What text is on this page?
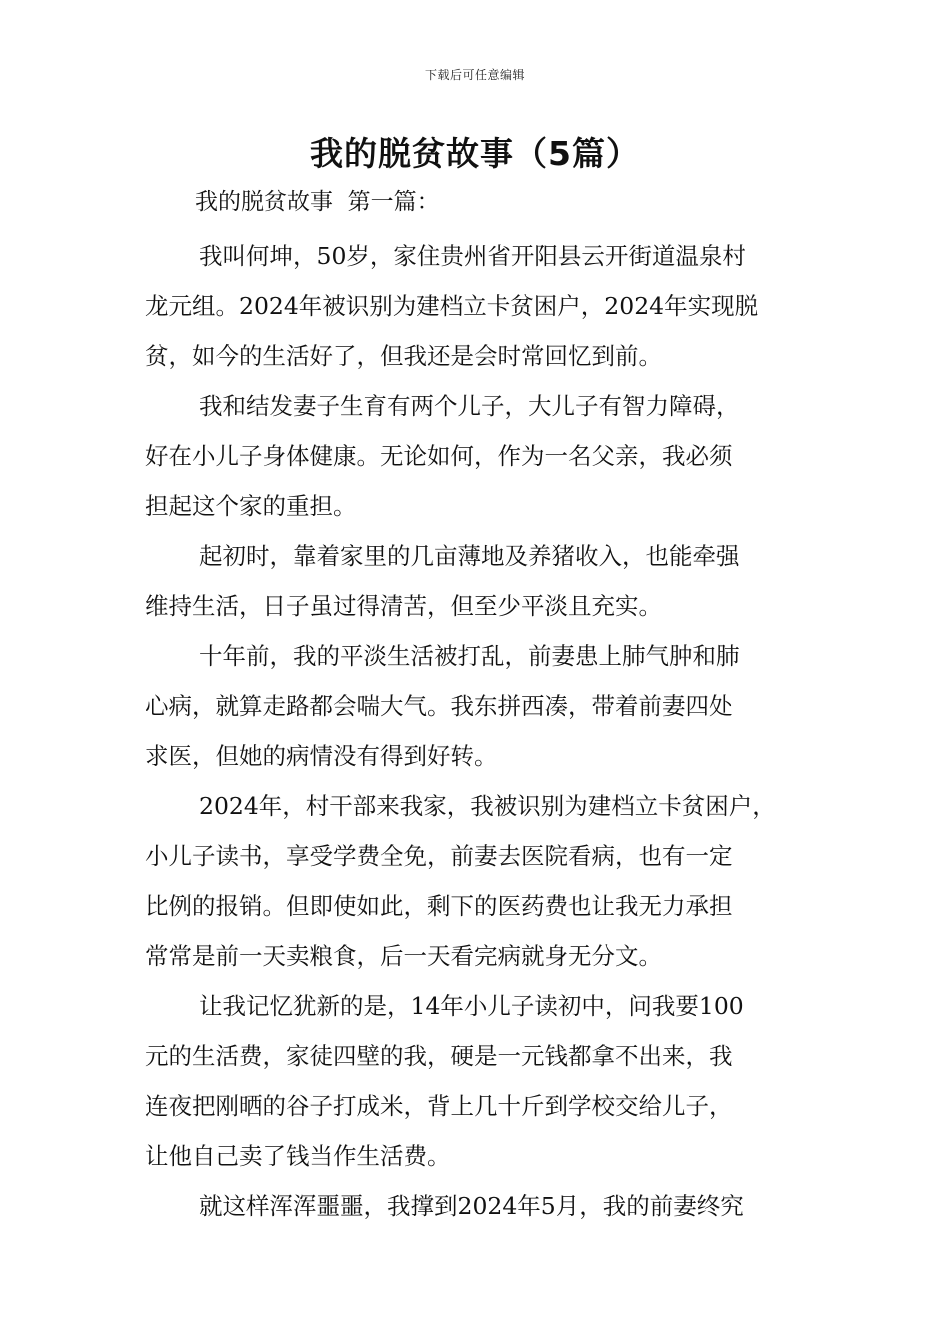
下载后可任意编辑
我的脱贫故事（5篇）
我的脱贫故事  第一篇：
我叫何坤，50岁，家住贵州省开阳县云开街道温泉村
龙元组。2024年被识别为建档立卡贫困户，2024年实现脱
贫，如今的生活好了，但我还是会时常回忆到前。
我和结发妻子生育有两个儿子，大儿子有智力障碍，
好在小儿子身体健康。无论如何，作为一名父亲，我必须
担起这个家的重担。
起初时，靠着家里的几亩薄地及养猪收入，也能牵强
维持生活，日子虽过得清苦，但至少平淡且充实。
十年前，我的平淡生活被打乱，前妻患上肺气肿和肺
心病，就算走路都会喘大气。我东拼西凑，带着前妻四处
求医，但她的病情没有得到好转。
2024年，村干部来我家，我被识别为建档立卡贫困户，
小儿子读书，享受学费全免，前妻去医院看病，也有一定
比例的报销。但即使如此，剩下的医药费也让我无力承担
常常是前一天卖粮食，后一天看完病就身无分文。
让我记忆犹新的是，14年小儿子读初中，问我要100
元的生活费，家徒四壁的我，硬是一元钱都拿不出来，我
连夜把刚晒的谷子打成米，背上几十斤到学校交给儿子，
让他自己卖了钱当作生活费。
就这样浑浑噩噩，我撑到2024年5月，我的前妻终究
